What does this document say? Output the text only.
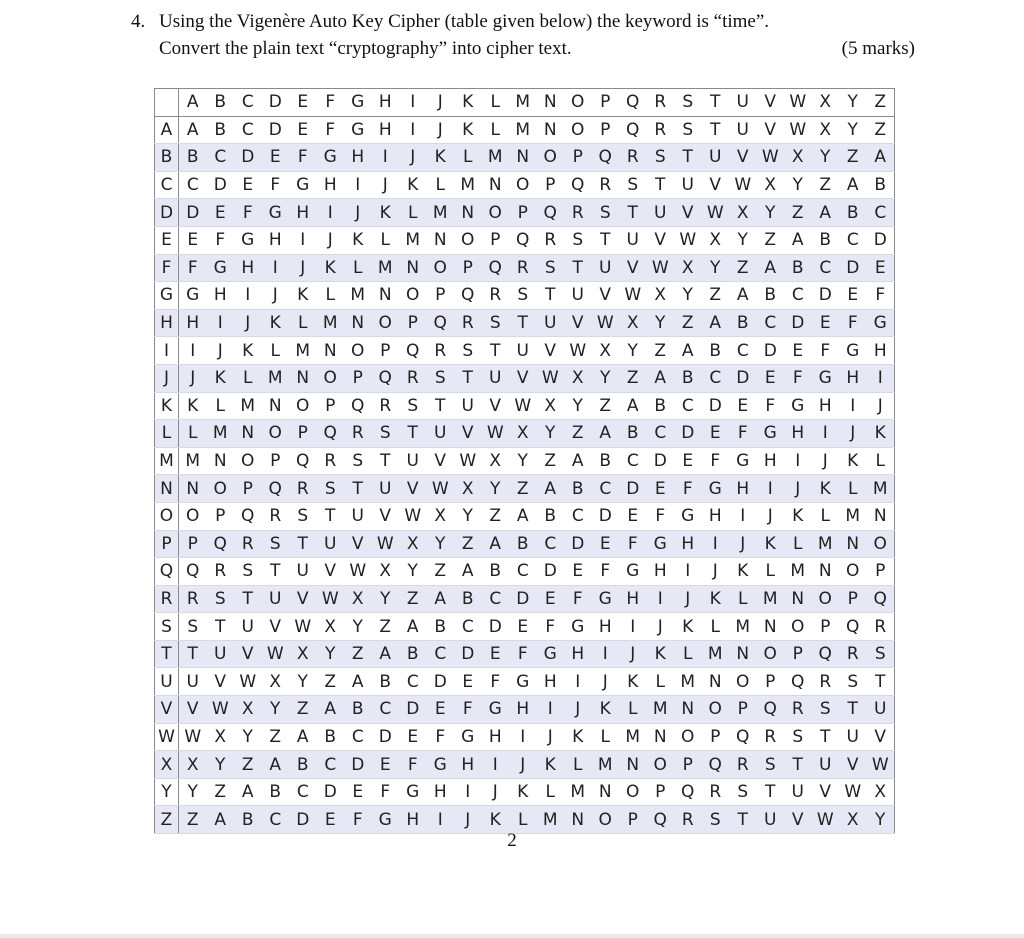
4. Using the Vigenère Auto Key Cipher (table given below) the keyword is “time”.
Convert the plain text “cryptography” into cipher text.	(5 marks)
	A	B	C	D	E	F	G	H	I	J	K	L	M	N	O	P	Q	R	S	T	U	V	W	X	Y	Z
A	A	B	C	D	E	F	G	H	I	J	K	L	M	N	O	P	Q	R	S	T	U	V	W	X	Y	Z
B	B	C	D	E	F	G	H	I	J	K	L	M	N	O	P	Q	R	S	T	U	V	W	X	Y	Z	A
C	C	D	E	F	G	H	I	J	K	L	M	N	O	P	Q	R	S	T	U	V	W	X	Y	Z	A	B
D	D	E	F	G	H	I	J	K	L	M	N	O	P	Q	R	S	T	U	V	W	X	Y	Z	A	B	C
E	E	F	G	H	I	J	K	L	M	N	O	P	Q	R	S	T	U	V	W	X	Y	Z	A	B	C	D
F	F	G	H	I	J	K	L	M	N	O	P	Q	R	S	T	U	V	W	X	Y	Z	A	B	C	D	E
G	G	H	I	J	K	L	M	N	O	P	Q	R	S	T	U	V	W	X	Y	Z	A	B	C	D	E	F
H	H	I	J	K	L	M	N	O	P	Q	R	S	T	U	V	W	X	Y	Z	A	B	C	D	E	F	G
I	I	J	K	L	M	N	O	P	Q	R	S	T	U	V	W	X	Y	Z	A	B	C	D	E	F	G	H
J	J	K	L	M	N	O	P	Q	R	S	T	U	V	W	X	Y	Z	A	B	C	D	E	F	G	H	I
K	K	L	M	N	O	P	Q	R	S	T	U	V	W	X	Y	Z	A	B	C	D	E	F	G	H	I	J
L	L	M	N	O	P	Q	R	S	T	U	V	W	X	Y	Z	A	B	C	D	E	F	G	H	I	J	K
M	M	N	O	P	Q	R	S	T	U	V	W	X	Y	Z	A	B	C	D	E	F	G	H	I	J	K	L
N	N	O	P	Q	R	S	T	U	V	W	X	Y	Z	A	B	C	D	E	F	G	H	I	J	K	L	M
O	O	P	Q	R	S	T	U	V	W	X	Y	Z	A	B	C	D	E	F	G	H	I	J	K	L	M	N
P	P	Q	R	S	T	U	V	W	X	Y	Z	A	B	C	D	E	F	G	H	I	J	K	L	M	N	O
Q	Q	R	S	T	U	V	W	X	Y	Z	A	B	C	D	E	F	G	H	I	J	K	L	M	N	O	P
R	R	S	T	U	V	W	X	Y	Z	A	B	C	D	E	F	G	H	I	J	K	L	M	N	O	P	Q
S	S	T	U	V	W	X	Y	Z	A	B	C	D	E	F	G	H	I	J	K	L	M	N	O	P	Q	R
T	T	U	V	W	X	Y	Z	A	B	C	D	E	F	G	H	I	J	K	L	M	N	O	P	Q	R	S
U	U	V	W	X	Y	Z	A	B	C	D	E	F	G	H	I	J	K	L	M	N	O	P	Q	R	S	T
V	V	W	X	Y	Z	A	B	C	D	E	F	G	H	I	J	K	L	M	N	O	P	Q	R	S	T	U
W	W	X	Y	Z	A	B	C	D	E	F	G	H	I	J	K	L	M	N	O	P	Q	R	S	T	U	V
X	X	Y	Z	A	B	C	D	E	F	G	H	I	J	K	L	M	N	O	P	Q	R	S	T	U	V	W
Y	Y	Z	A	B	C	D	E	F	G	H	I	J	K	L	M	N	O	P	Q	R	S	T	U	V	W	X
Z	Z	A	B	C	D	E	F	G	H	I	J	K	L	M	N	O	P	Q	R	S	T	U	V	W	X	Y
2
